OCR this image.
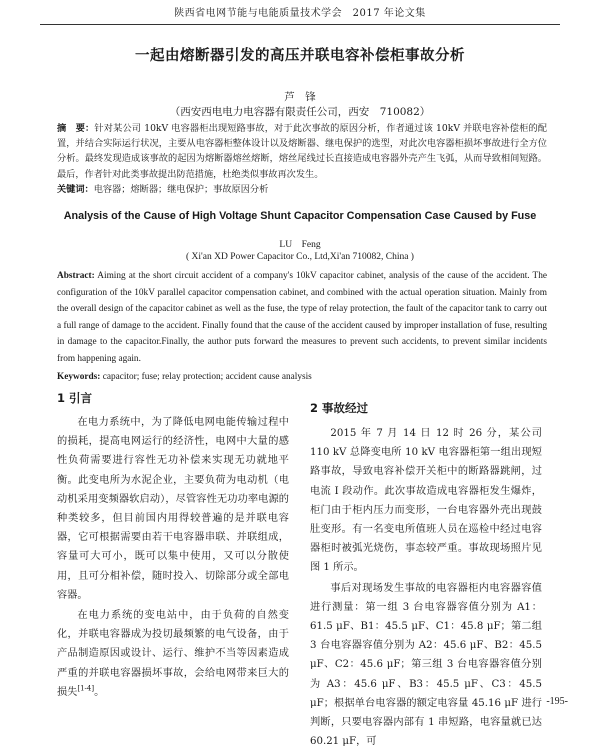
陕西省电网节能与电能质量技术学会　2017 年论文集
一起由熔断器引发的高压并联电容补偿柜事故分析
芦　锋
（西安西电电力电容器有限责任公司，西安　710082）
摘　要：针对某公司 10kV 电容器柜出现短路事故，对于此次事故的原因分析，作者通过该 10kV 并联电容补偿柜的配置，并结合实际运行状况，主要从电容器柜整体设计以及熔断器、继电保护的选型，对此次电容器柜损坏事故进行全方位分析。最终发现造成该事故的起因为熔断器熔丝熔断，熔丝尾线过长直接造成电容器外壳产生飞弧，从而导致相间短路。最后，作者针对此类事故提出防范措施，杜绝类似事故再次发生。
关键词：电容器；熔断器；继电保护；事故原因分析
Analysis of the Cause of High Voltage Shunt Capacitor Compensation Case Caused by Fuse
LU　Feng
( Xi'an XD Power Capacitor Co., Ltd,Xi'an 710082, China )
Abstract: Aiming at the short circuit accident of a company's 10kV capacitor cabinet, analysis of the cause of the accident. The configuration of the 10kV parallel capacitor compensation cabinet, and combined with the actual operation situation. Mainly from the overall design of the capacitor cabinet as well as the fuse, the type of relay protection, the fault of the capacitor tank to carry out a full range of damage to the accident. Finally found that the cause of the accident caused by improper installation of fuse, resulting in damage to the capacitor.Finally, the author puts forward the measures to prevent such accidents, to prevent similar incidents from happening again.
Keywords: capacitor; fuse; relay protection; accident cause analysis
1 引言

在电力系统中，为了降低电网电能传输过程中的损耗，提高电网运行的经济性，电网中大量的感性负荷需要进行容性无功补偿来实现无功就地平衡。此变电所为水泥企业，主要负荷为电动机（电动机采用变频器软启动），尽管容性无功功率电源的种类较多，但目前国内用得较普遍的是并联电容器，它可根据需要由若干电容器串联、并联组成，容量可大可小，既可以集中使用，又可以分散使用，且可分相补偿，随时投入、切除部分或全部电容器。

在电力系统的变电站中，由于负荷的自然变化，并联电容器成为投切最频繁的电气设备，由于产品制造原因或设计、运行、维护不当等因素造成严重的并联电容器损坏事故，会给电网带来巨大的损失[1-4]。

2 事故经过

2015 年 7 月 14 日 12 时 26 分，某公司 110 kV 总降变电所 10 kV 电容器柜第一组出现短路事故，导致电容补偿开关柜中的断路器跳闸，过电流 I 段动作。此次事故造成电容器柜发生爆炸，柜门由于柜内压力而变形，一台电容器外壳出现鼓肚变形。有一名变电所值班人员在巡检中经过电容器柜时被弧光烧伤，事态较严重。事故现场照片见图 1 所示。

事后对现场发生事故的电容器柜内电容器容值进行测量：第一组 3 台电容器容值分别为 A1：61.5 μF、B1：45.5 μF、C1：45.8 μF；第二组 3 台电容器容值分别为 A2：45.6 μF、B2：45.5 μF、C2：45.6 μF；第三组 3 台电容器容值分别为 A3：45.6 μF、B3：45.5 μF、C3：45.5 μF；根据单台电容器的额定电容量 45.16 μF 进行判断，只要电容器内部有 1 串短路，电容量就已达 60.21 μF，可

-195-
